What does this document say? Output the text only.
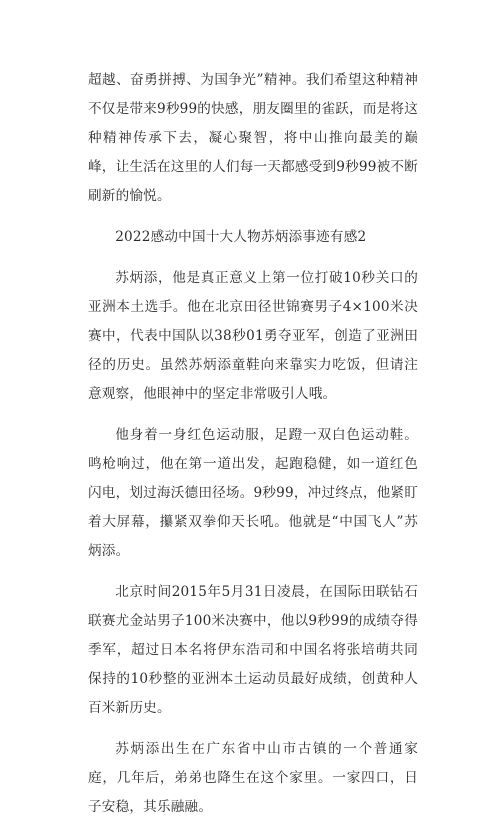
超越、奋勇拼搏、为国争光”精神。我们希望这种精神不仅是带来9秒99的快感，朋友圈里的雀跃，而是将这种精神传承下去，凝心聚智，将中山推向最美的巅峰，让生活在这里的人们每一天都感受到9秒99被不断刷新的愉悦。

2022感动中国十大人物苏炳添事迹有感2

苏炳添，他是真正意义上第一位打破10秒关口的亚洲本土选手。他在北京田径世锦赛男子4×100米决赛中，代表中国队以38秒01勇夺亚军，创造了亚洲田径的历史。虽然苏炳添童鞋向来靠实力吃饭，但请注意观察，他眼神中的坚定非常吸引人哦。

他身着一身红色运动服，足蹬一双白色运动鞋。鸣枪响过，他在第一道出发，起跑稳健，如一道红色闪电，划过海沃德田径场。9秒99，冲过终点，他紧盯着大屏幕，攥紧双拳仰天长吼。他就是“中国飞人”苏炳添。

北京时间2015年5月31日凌晨，在国际田联钻石联赛尤金站男子100米决赛中，他以9秒99的成绩夺得季军，超过日本名将伊东浩司和中国名将张培萌共同保持的10秒整的亚洲本土运动员最好成绩，创黄种人百米新历史。

苏炳添出生在广东省中山市古镇的一个普通家庭，几年后，弟弟也降生在这个家里。一家四口，日子安稳，其乐融融。
